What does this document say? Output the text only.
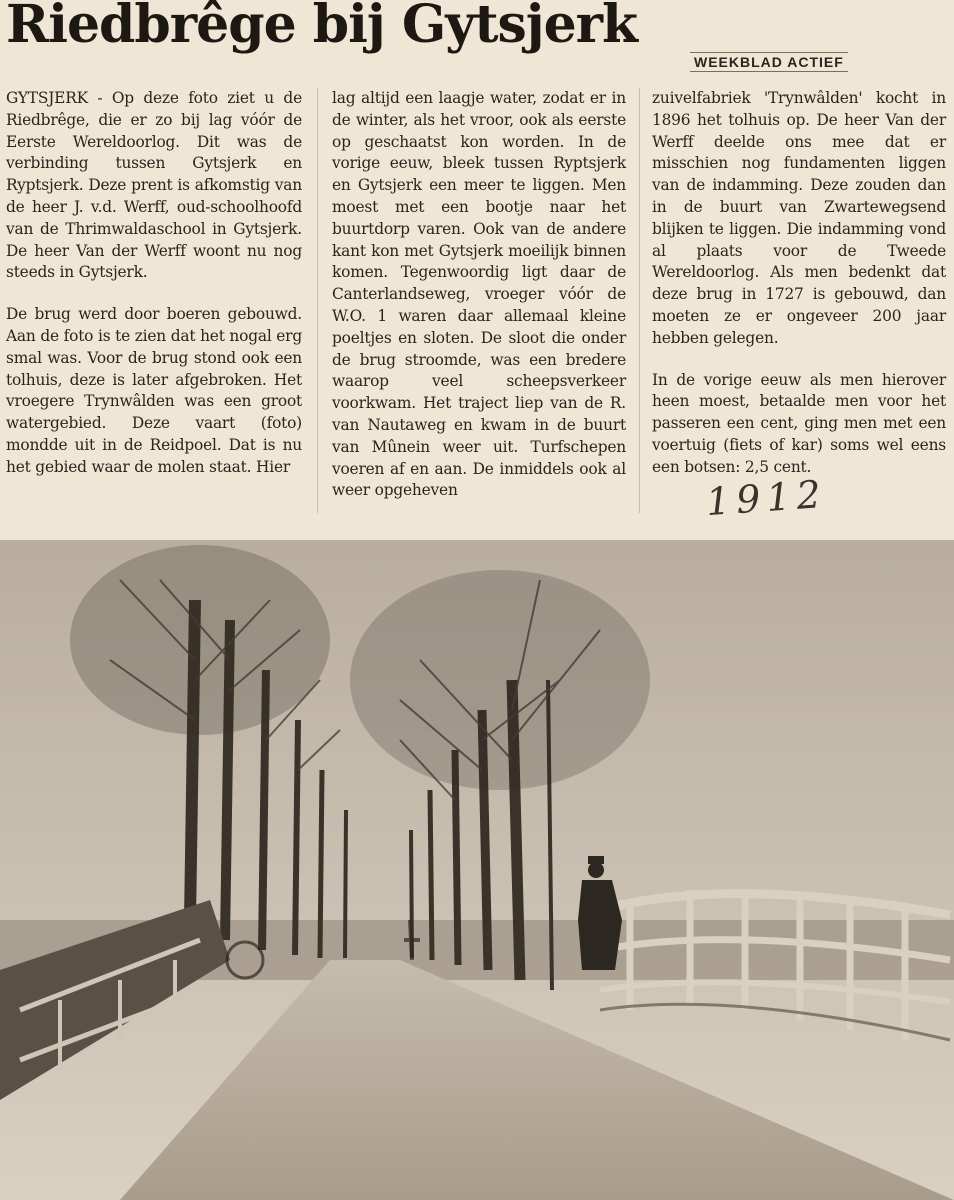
Riedbrêge bij Gytsjerk
WEEKBLAD ACTIEF

GYTSJERK - Op deze foto ziet u de Riedbrêge, die er zo bij lag vóór de Eerste Wereldoorlog. Dit was de verbinding tussen Gytsjerk en Ryptsjerk. Deze prent is afkomstig van de heer J. v.d. Werff, oud-schoolhoofd van de Thrimwaldaschool in Gytsjerk. De heer Van der Werff woont nu nog steeds in Gytsjerk.

De brug werd door boeren gebouwd. Aan de foto is te zien dat het nogal erg smal was. Voor de brug stond ook een tolhuis, deze is later afgebroken. Het vroegere Trynwâlden was een groot watergebied. Deze vaart (foto) mondde uit in de Reidpoel. Dat is nu het gebied waar de molen staat. Hier

lag altijd een laagje water, zodat er in de winter, als het vroor, ook als eerste op geschaatst kon worden. In de vorige eeuw, bleek tussen Ryptsjerk en Gytsjerk een meer te liggen. Men moest met een bootje naar het buurtdorp varen. Ook van de andere kant kon met Gytsjerk moeilijk binnen komen. Tegenwoordig ligt daar de Canterlandseweg, vroeger vóór de W.O. 1 waren daar allemaal kleine poeltjes en sloten. De sloot die onder de brug stroomde, was een bredere waarop veel scheepsverkeer voorkwam. Het traject liep van de R. van Nautaweg en kwam in de buurt van Mûnein weer uit. Turfschepen voeren af en aan. De inmiddels ook al weer opgeheven

zuivelfabriek 'Trynwâlden' kocht in 1896 het tolhuis op. De heer Van der Werff deelde ons mee dat er misschien nog fundamenten liggen van de indamming. Deze zouden dan in de buurt van Zwartewegsend blijken te liggen. Die indamming vond al plaats voor de Tweede Wereldoorlog. Als men bedenkt dat deze brug in 1727 is gebouwd, dan moeten ze er ongeveer 200 jaar hebben gelegen.

In de vorige eeuw als men hierover heen moest, betaalde men voor het passeren een cent, ging men met een voertuig (fiets of kar) soms wel eens een botsen: 2,5 cent.

1912
